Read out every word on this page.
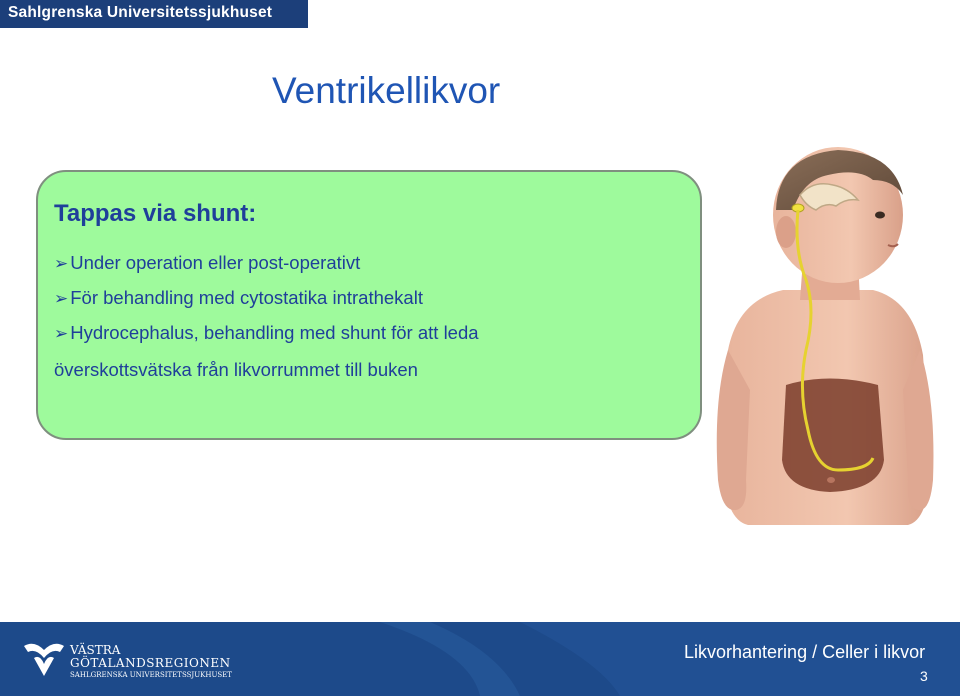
Sahlgrenska Universitetssjukhuset
Ventrikellikvor
Tappas via shunt:
➢ Under operation eller post-operativt
➢ För behandling med cytostatika intrathekalt
➢ Hydrocephalus, behandling med shunt för att leda
överskottsvätska från likvorrummet till buken
VÄSTRA
GÖTALANDSREGIONEN
SAHLGRENSKA UNIVERSITETSSJUKHUSET
Likvorhantering / Celler i likvor
3
